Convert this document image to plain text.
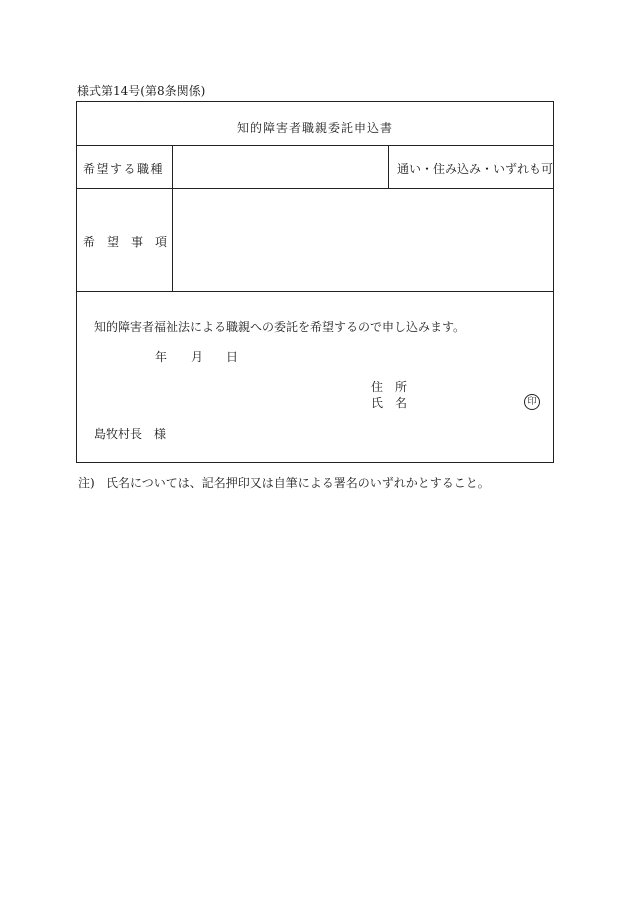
様式第14号(第8条関係)
知的障害者職親委託申込書
希望する職種	通い・住み込み・いずれも可
希　望　事　項
知的障害者福祉法による職親への委託を希望するので申し込みます。
年 月 日
住　所
氏　名	印
島牧村長　様
注) 氏名については、記名押印又は自筆による署名のいずれかとすること。
